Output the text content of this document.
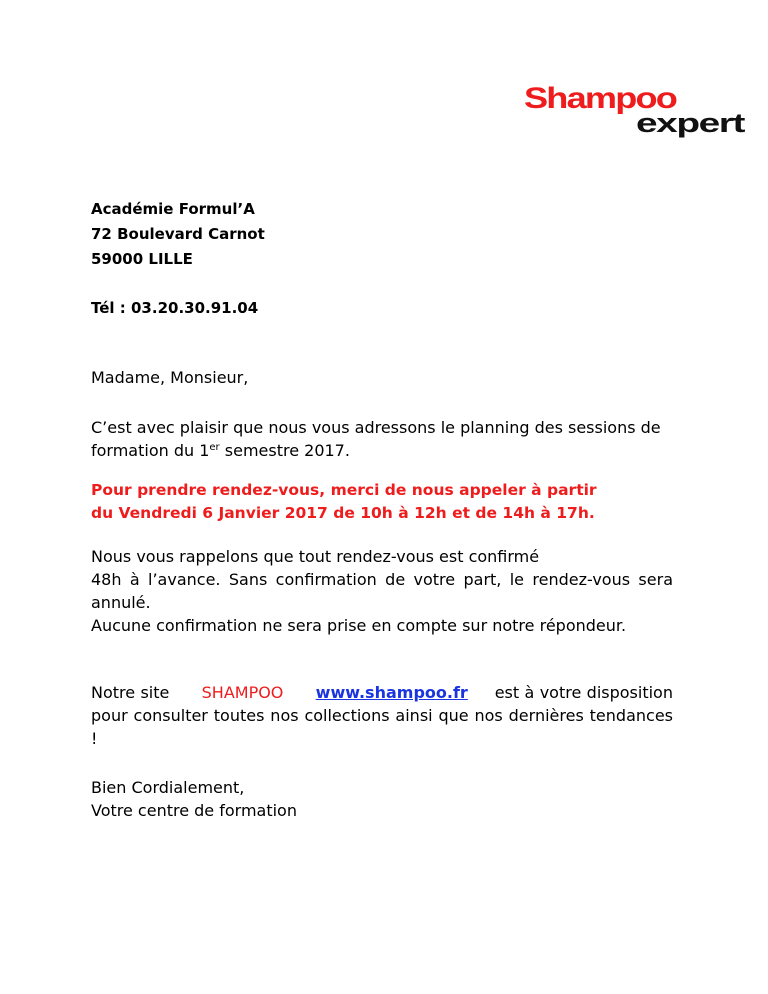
Shampoo
expert
Académie Formul’A
72 Boulevard Carnot
59000 LILLE
Tél : 03.20.30.91.04
Madame, Monsieur,
C’est avec plaisir que nous vous adressons le planning des sessions de formation du 1er semestre 2017.
Pour prendre rendez-vous, merci de nous appeler à partir
du Vendredi 6 Janvier 2017 de 10h à 12h et de 14h à 17h.
Nous vous rappelons que tout rendez-vous est confirmé
48h à l’avance. Sans confirmation de votre part, le rendez-vous sera annulé.
Aucune confirmation ne sera prise en compte sur notre répondeur.
Notre site SHAMPOO www.shampoo.fr est à votre disposition pour consulter toutes nos collections ainsi que nos dernières tendances !
Bien Cordialement,
Votre centre de formation
